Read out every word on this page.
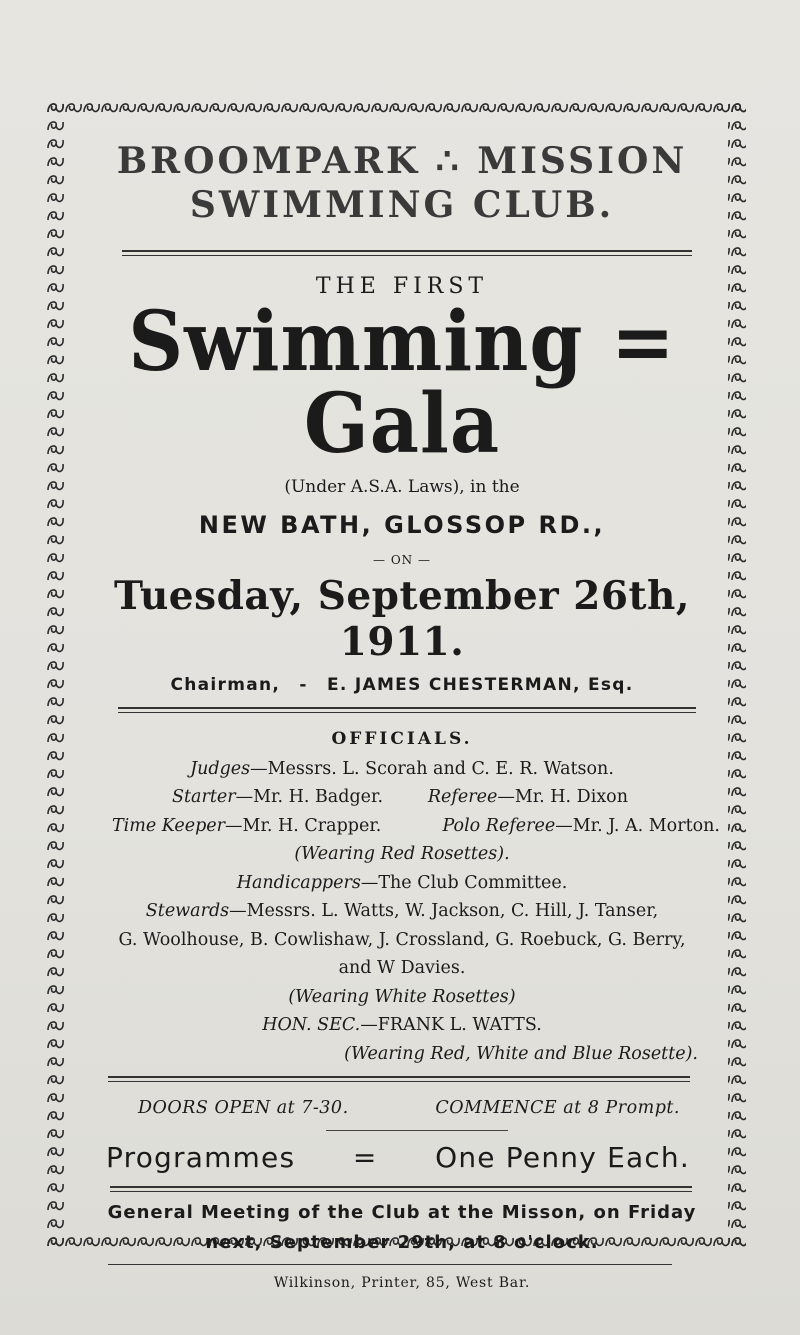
BROOMPARK ∴ MISSION
SWIMMING CLUB.
THE FIRST
Swimming = Gala
(Under A.S.A. Laws), in the
NEW BATH, GLOSSOP RD.,
— ON —
Tuesday, September 26th, 1911.
Chairman, - E. JAMES CHESTERMAN, Esq.
OFFICIALS.
Judges—Messrs. L. Scorah and C. E. R. Watson.
Starter—Mr. H. Badger.	Referee—Mr. H. Dixon
Time Keeper—Mr. H. Crapper.	Polo Referee—Mr. J. A. Morton.
(Wearing Red Rosettes).
Handicappers—The Club Committee.
Stewards—Messrs. L. Watts, W. Jackson, C. Hill, J. Tanser,
G. Woolhouse, B. Cowlishaw, J. Crossland, G. Roebuck, G. Berry,
and W Davies.
(Wearing White Rosettes)
HON. SEC.—FRANK L. WATTS.
(Wearing Red, White and Blue Rosette).
DOORS OPEN at 7-30.	COMMENCE at 8 Prompt.
Programmes = One Penny Each.
General Meeting of the Club at the Misson, on Friday
next, September 29th, at 8 o'clock.
Wilkinson, Printer, 85, West Bar.
